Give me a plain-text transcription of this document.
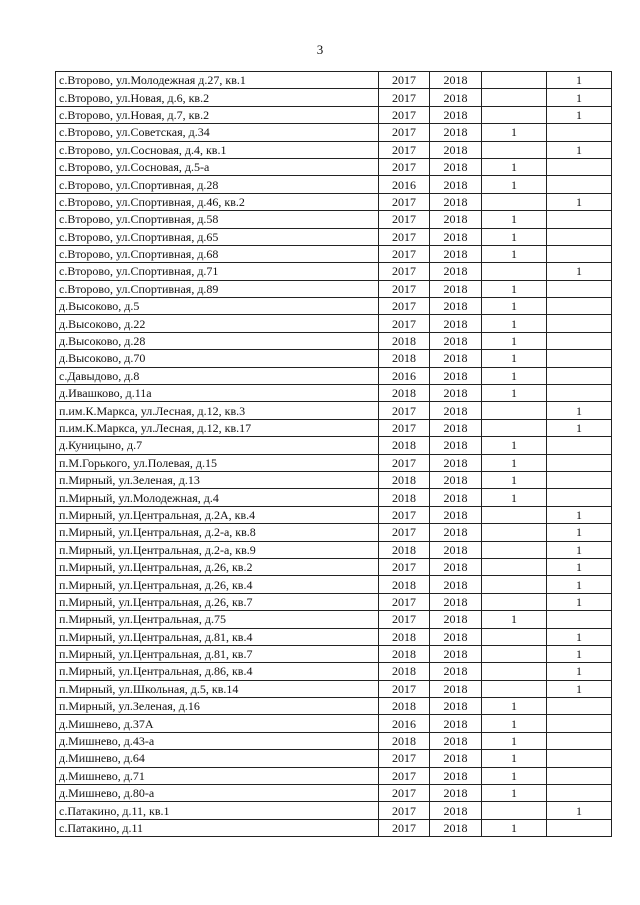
3
с.Второво, ул.Молодежная д.27, кв.1	2017	2018		1
с.Второво, ул.Новая, д.6, кв.2	2017	2018		1
с.Второво, ул.Новая, д.7, кв.2	2017	2018		1
с.Второво, ул.Советская, д.34	2017	2018	1	
с.Второво, ул.Сосновая, д.4, кв.1	2017	2018		1
с.Второво, ул.Сосновая, д.5-а	2017	2018	1	
с.Второво, ул.Спортивная, д.28	2016	2018	1	
с.Второво, ул.Спортивная, д.46, кв.2	2017	2018		1
с.Второво, ул.Спортивная, д.58	2017	2018	1	
с.Второво, ул.Спортивная, д.65	2017	2018	1	
с.Второво, ул.Спортивная, д.68	2017	2018	1	
с.Второво, ул.Спортивная, д.71	2017	2018		1
с.Второво, ул.Спортивная, д.89	2017	2018	1	
д.Высоково, д.5	2017	2018	1	
д.Высоково, д.22	2017	2018	1	
д.Высоково, д.28	2018	2018	1	
д.Высоково, д.70	2018	2018	1	
с.Давыдово, д.8	2016	2018	1	
д.Ивашково, д.11а	2018	2018	1	
п.им.К.Маркса, ул.Лесная, д.12, кв.3	2017	2018		1
п.им.К.Маркса, ул.Лесная, д.12, кв.17	2017	2018		1
д.Куницыно, д.7	2018	2018	1	
п.М.Горького, ул.Полевая, д.15	2017	2018	1	
п.Мирный, ул.Зеленая, д.13	2018	2018	1	
п.Мирный, ул.Молодежная, д.4	2018	2018	1	
п.Мирный, ул.Центральная, д.2А, кв.4	2017	2018		1
п.Мирный, ул.Центральная, д.2-а, кв.8	2017	2018		1
п.Мирный, ул.Центральная, д.2-а, кв.9	2018	2018		1
п.Мирный, ул.Центральная, д.26, кв.2	2017	2018		1
п.Мирный, ул.Центральная, д.26, кв.4	2018	2018		1
п.Мирный, ул.Центральная, д.26, кв.7	2017	2018		1
п.Мирный, ул.Центральная, д.75	2017	2018	1	
п.Мирный, ул.Центральная, д.81, кв.4	2018	2018		1
п.Мирный, ул.Центральная, д.81, кв.7	2018	2018		1
п.Мирный, ул.Центральная, д.86, кв.4	2018	2018		1
п.Мирный, ул.Школьная, д.5, кв.14	2017	2018		1
п.Мирный, ул.Зеленая, д.16	2018	2018	1	
д.Мишнево, д.37А	2016	2018	1	
д.Мишнево, д.43-а	2018	2018	1	
д.Мишнево, д.64	2017	2018	1	
д.Мишнево, д.71	2017	2018	1	
д.Мишнево, д.80-а	2017	2018	1	
с.Патакино, д.11, кв.1	2017	2018		1
с.Патакино, д.11	2017	2018	1	
